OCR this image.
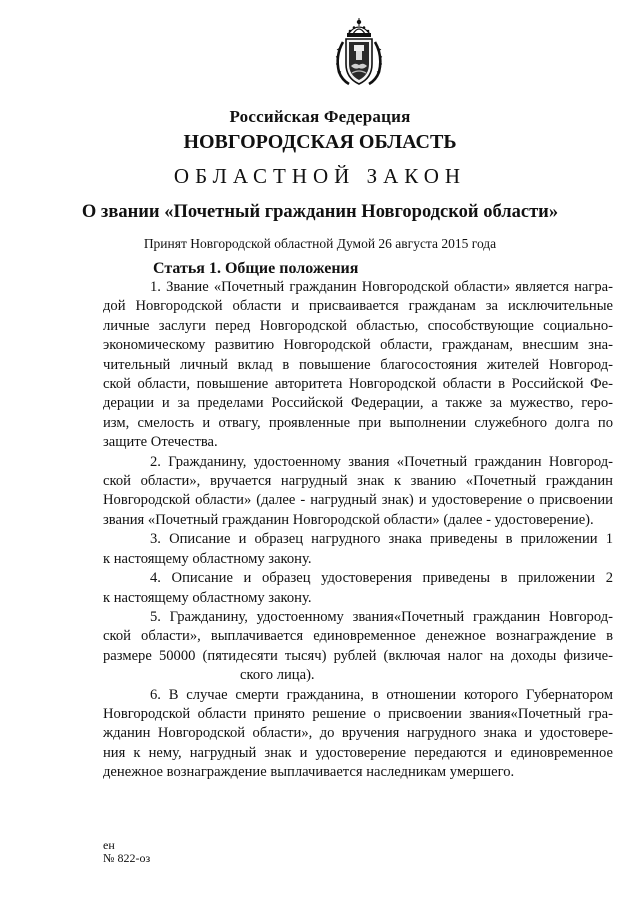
Российская Федерация
НОВГОРОДСКАЯ ОБЛАСТЬ
ОБЛАСТНОЙ ЗАКОН
О звании «Почетный гражданин Новгородской области»
Принят Новгородской областной Думой 26 августа 2015 года
Статья 1. Общие положения
1. Звание «Почетный гражданин Новгородской области» является награ-
дой Новгородской области и присваивается гражданам за исключительные
личные заслуги перед Новгородской областью, способствующие социально-
экономическому развитию Новгородской области, гражданам, внесшим зна-
чительный личный вклад в повышение благосостояния жителей Новгород-
ской области, повышение авторитета Новгородской области в Российской Фе-
дерации и за пределами Российской Федерации, а также за мужество, геро-
изм, смелость и отвагу, проявленные при выполнении служебного долга по
защите Отечества.
2. Гражданину, удостоенному звания «Почетный гражданин Новгород-
ской области», вручается нагрудный знак к званию «Почетный гражданин
Новгородской области» (далее - нагрудный знак) и удостоверение о присвоении
звания «Почетный гражданин Новгородской области» (далее - удостоверение).
3. Описание и образец нагрудного знака приведены в приложении 1
к настоящему областному закону.
4. Описание и образец удостоверения приведены в приложении 2
к настоящему областному закону.
5. Гражданину, удостоенному звания«Почетный гражданин Новгород-
ской области», выплачивается единовременное денежное вознаграждение в
размере 50000 (пятидесяти тысяч) рублей (включая налог на доходы физиче-
ского лица).
6. В случае смерти гражданина, в отношении которого Губернатором
Новгородской области принято решение о присвоении звания«Почетный гра-
жданин Новгородской области», до вручения нагрудного знака и удостовере-
ния к нему, нагрудный знак и удостоверение передаются и единовременное
денежное вознаграждение выплачивается наследникам умершего.
ен
№ 822-оз
